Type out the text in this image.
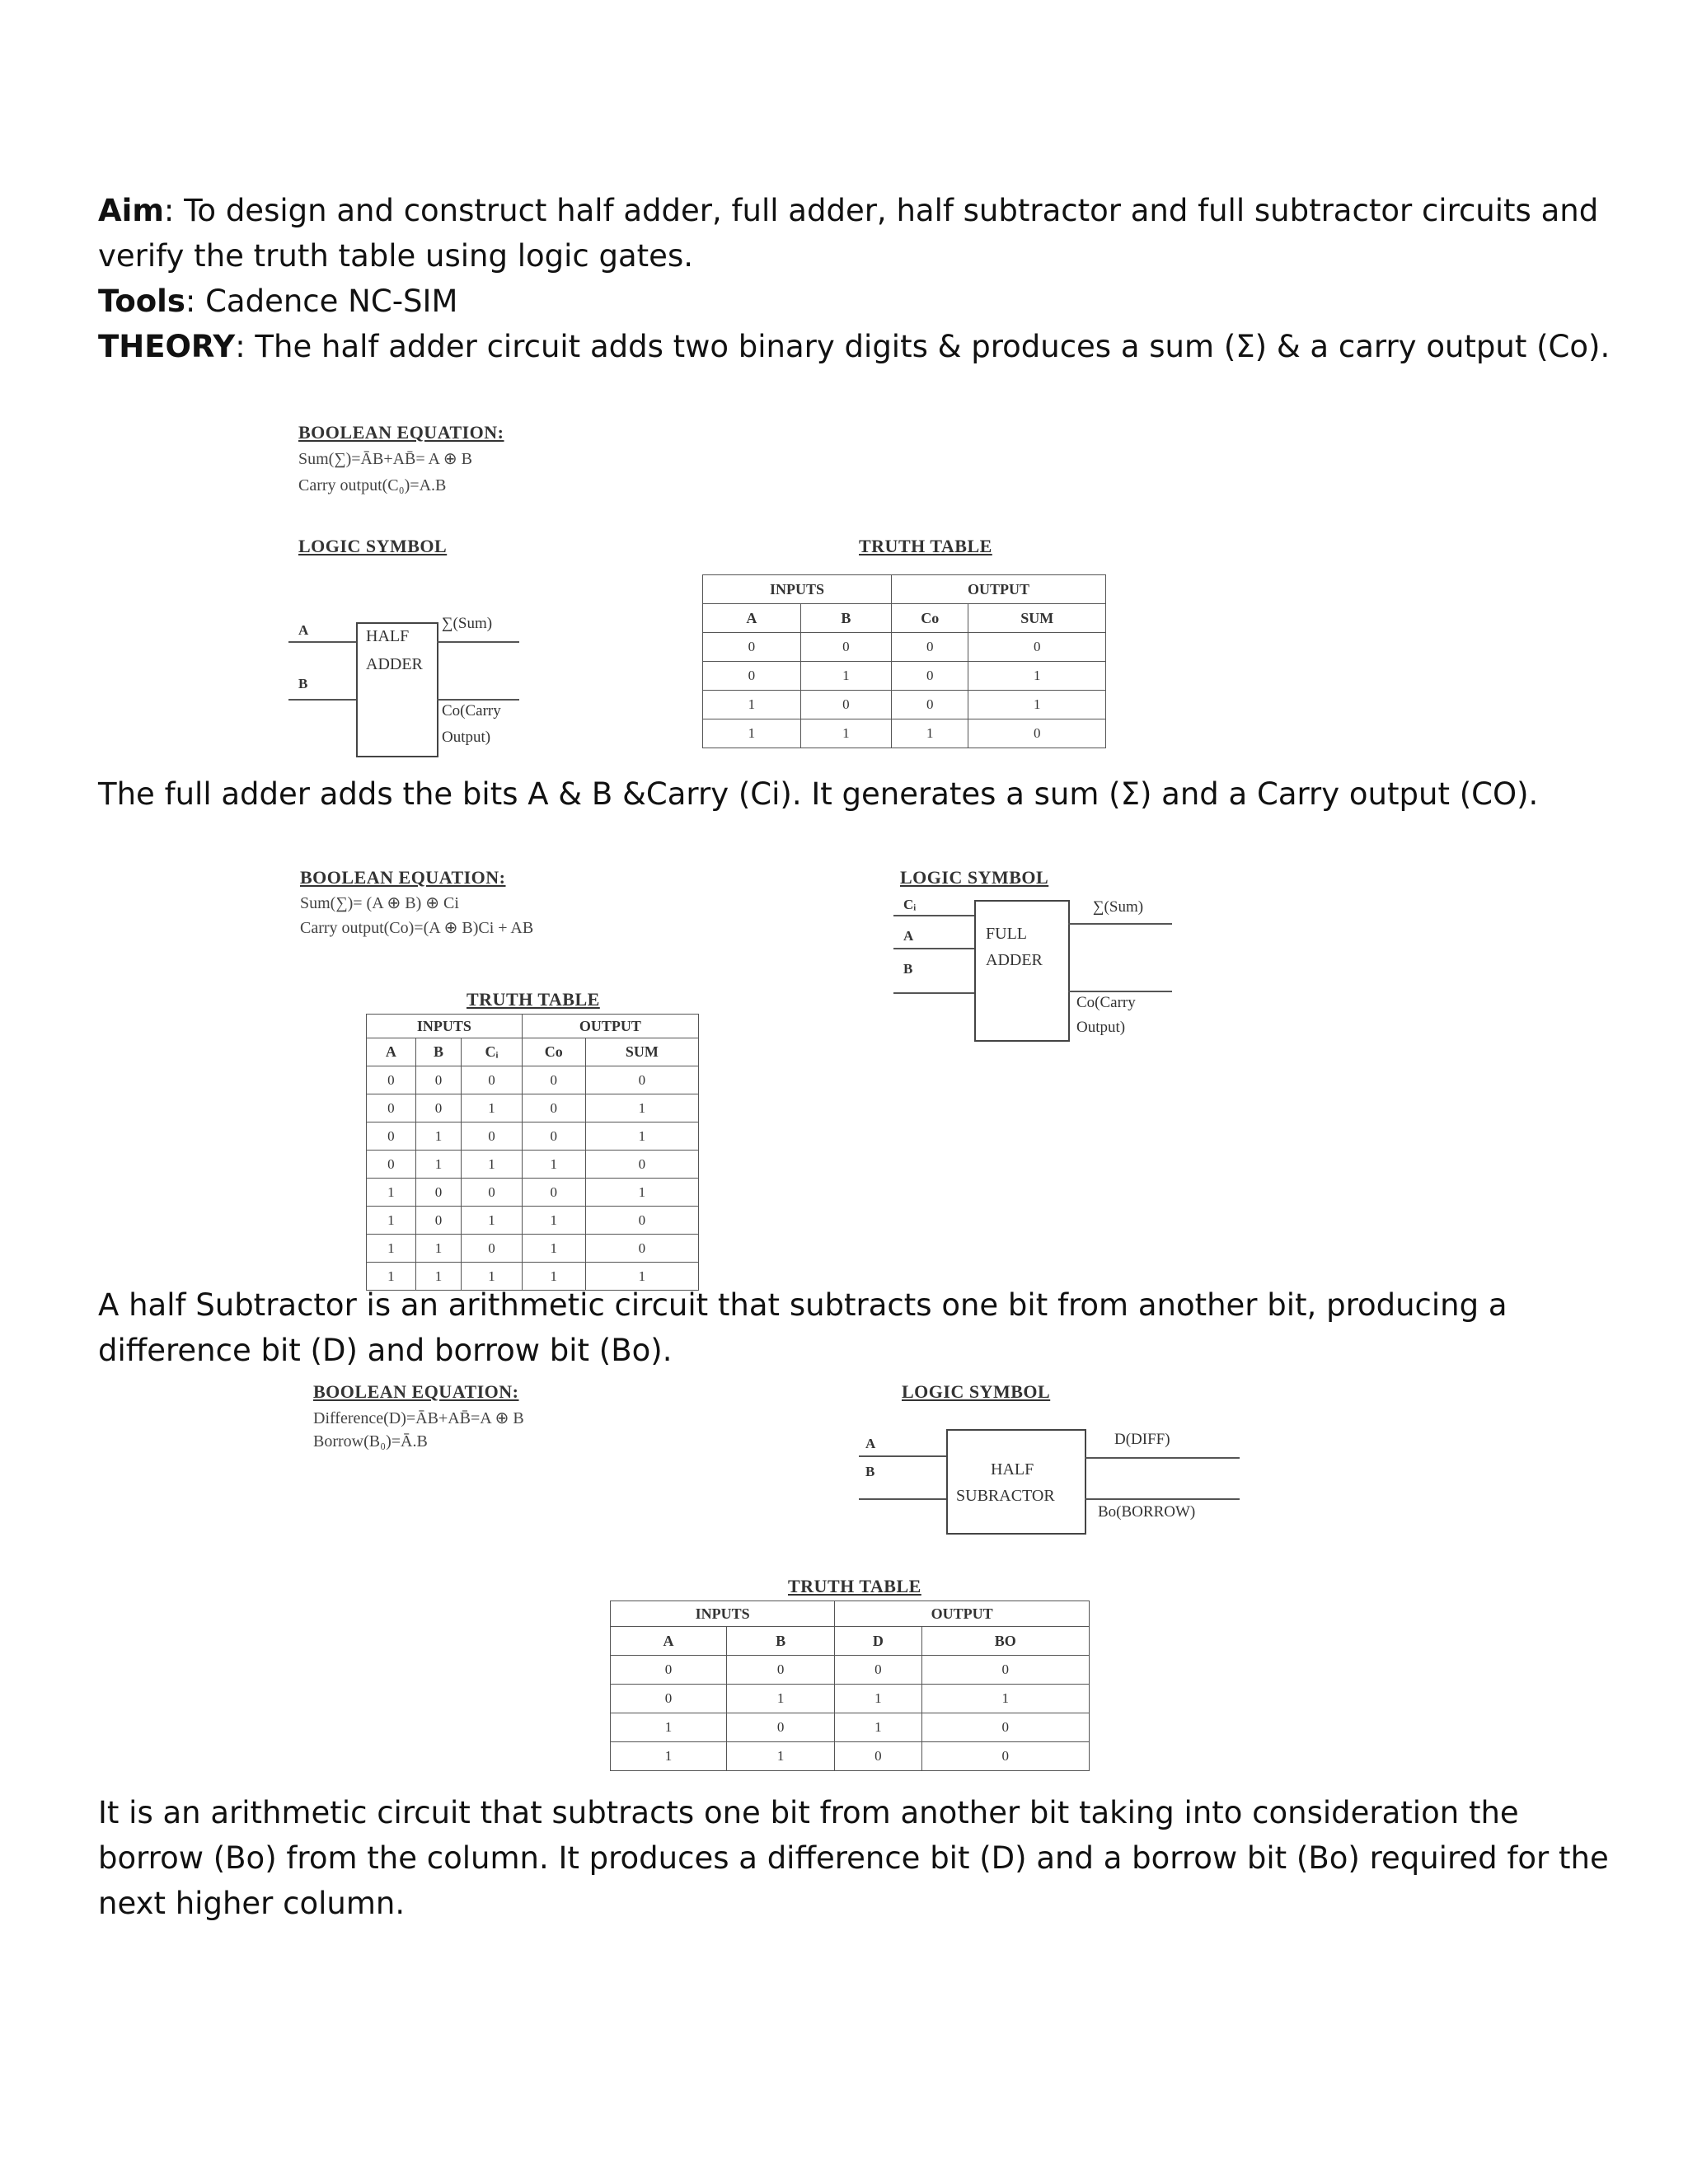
Aim: To design and construct half adder, full adder, half subtractor and full subtractor circuits and verify the truth table using logic gates.
Tools: Cadence NC-SIM
THEORY: The half adder circuit adds two binary digits & produces a sum (Σ) & a carry output (Co).
BOOLEAN EQUATION:
Sum(∑)=ĀB+AB̄= A ⊕ B
Carry output(C₀)=A.B
LOGIC SYMBOL
A
B
HALF
ADDER
∑(Sum)
Co(Carry
Output)
TRUTH TABLE
INPUTS		OUTPUT	
A	B	Co	SUM
0	0	0	0
0	1	0	1
1	0	0	1
1	1	1	0
The full adder adds the bits A & B &Carry (Ci). It generates a sum (Σ) and a Carry output (CO).
BOOLEAN EQUATION:
Sum(∑)= (A ⊕ B) ⊕ Ci
Carry output(Co)=(A ⊕ B)Ci + AB
LOGIC SYMBOL
Cᵢ
A
B
FULL
ADDER
∑(Sum)
Co(Carry
Output)
TRUTH TABLE
INPUTS			OUTPUT	
A	B	Cᵢ	Co	SUM
0	0	0	0	0
0	0	1	0	1
0	1	0	0	1
0	1	1	1	0
1	0	0	0	1
1	0	1	1	0
1	1	0	1	0
1	1	1	1	1
A half Subtractor is an arithmetic circuit that subtracts one bit from another bit, producing a difference bit (D) and borrow bit (Bo).
BOOLEAN EQUATION:
Difference(D)=ĀB+AB̄=A ⊕ B
Borrow(B₀)=Ā.B
LOGIC SYMBOL
A
B	HALF
SUBRACTOR
D(DIFF)
Bo(BORROW)
TRUTH TABLE
INPUTS		OUTPUT	
A	B	D	BO
0	0	0	0
0	1	1	1
1	0	1	0
1	1	0	0
It is an arithmetic circuit that subtracts one bit from another bit taking into consideration the borrow (Bo) from the column. It produces a difference bit (D) and a borrow bit (Bo) required for the next higher column.
